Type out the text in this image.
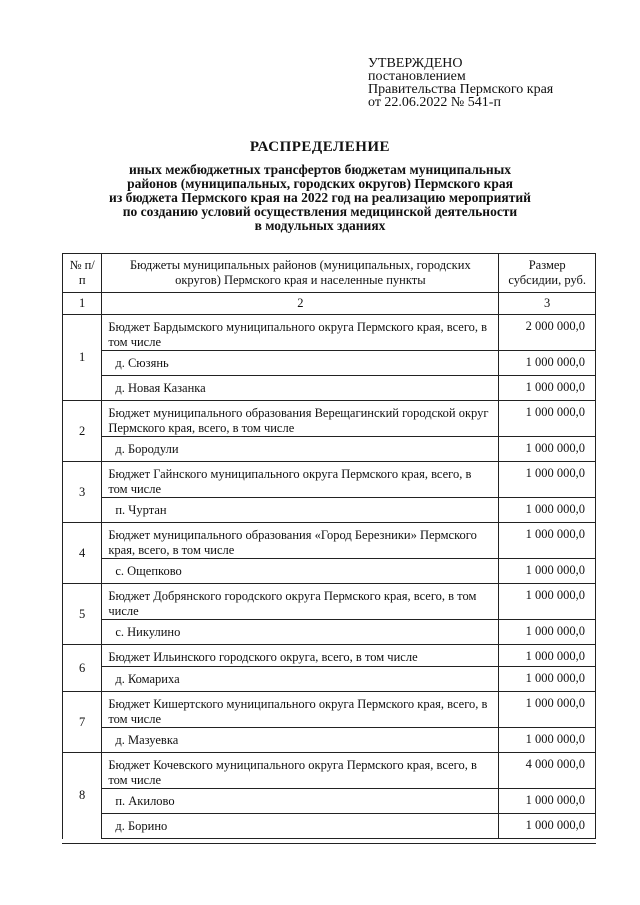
УТВЕРЖДЕНО
постановлением
Правительства Пермского края
от 22.06.2022 № 541-п
РАСПРЕДЕЛЕНИЕ
иных межбюджетных трансфертов бюджетам муниципальных
районов (муниципальных, городских округов) Пермского края
из бюджета Пермского края на 2022 год на реализацию мероприятий
по созданию условий осуществления медицинской деятельности
в модульных зданиях
№ п/п	Бюджеты муниципальных районов (муниципальных, городских округов) Пермского края и населенные пункты	Размер субсидии, руб.
1	2	3
1	Бюджет Бардымского муниципального округа Пермского края, всего, в том числе	2 000 000,0
	д. Сюзянь	1 000 000,0
	д. Новая Казанка	1 000 000,0
2	Бюджет муниципального образования Верещагинский городской округ Пермского края, всего, в том числе	1 000 000,0
	д. Бородули	1 000 000,0
3	Бюджет Гайнского муниципального округа Пермского края, всего, в том числе	1 000 000,0
	п. Чуртан	1 000 000,0
4	Бюджет муниципального образования «Город Березники» Пермского края, всего, в том числе	1 000 000,0
	с. Ощепково	1 000 000,0
5	Бюджет Добрянского городского округа Пермского края, всего, в том числе	1 000 000,0
	с. Никулино	1 000 000,0
6	Бюджет Ильинского городского округа, всего, в том числе	1 000 000,0
	д. Комариха	1 000 000,0
7	Бюджет Кишертского муниципального округа Пермского края, всего, в том числе	1 000 000,0
	д. Мазуевка	1 000 000,0
8	Бюджет Кочевского муниципального округа Пермского края, всего, в том числе	4 000 000,0
	п. Акилово	1 000 000,0
	д. Борино	1 000 000,0
